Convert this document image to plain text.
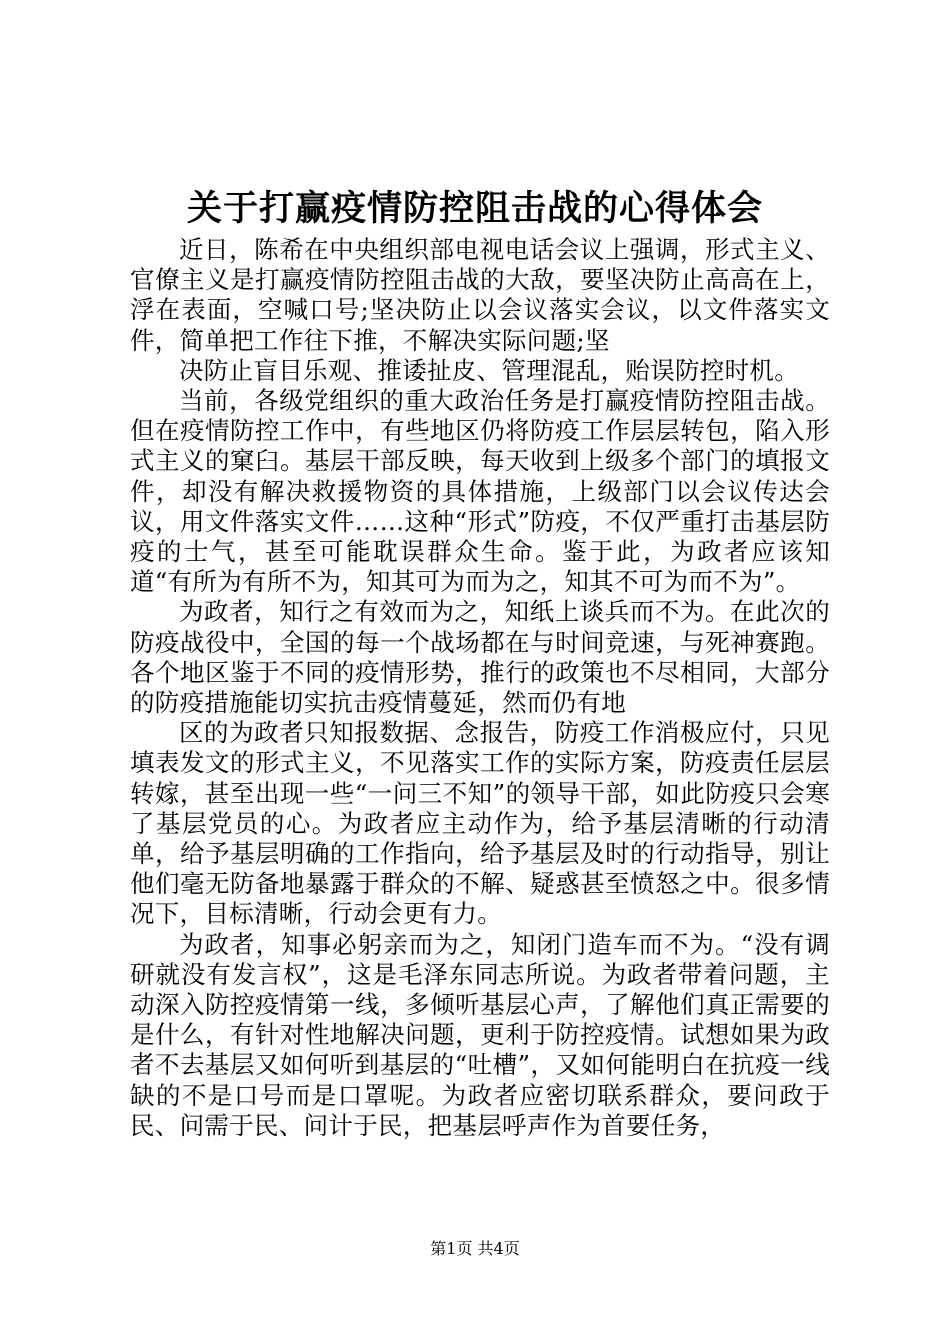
关于打赢疫情防控阻击战的心得体会

近日，陈希在中央组织部电视电话会议上强调，形式主义、官僚主义是打赢疫情防控阻击战的大敌，要坚决防止高高在上，浮在表面，空喊口号;坚决防止以会议落实会议，以文件落实文件，简单把工作往下推，不解决实际问题;坚

决防止盲目乐观、推诿扯皮、管理混乱，贻误防控时机。

当前，各级党组织的重大政治任务是打赢疫情防控阻击战。但在疫情防控工作中，有些地区仍将防疫工作层层转包，陷入形式主义的窠臼。基层干部反映，每天收到上级多个部门的填报文件，却没有解决救援物资的具体措施，上级部门以会议传达会议，用文件落实文件……这种“形式”防疫，不仅严重打击基层防疫的士气，甚至可能耽误群众生命。鉴于此，为政者应该知道“有所为有所不为，知其可为而为之，知其不可为而不为”。

为政者，知行之有效而为之，知纸上谈兵而不为。在此次的防疫战役中，全国的每一个战场都在与时间竞速，与死神赛跑。各个地区鉴于不同的疫情形势，推行的政策也不尽相同，大部分的防疫措施能切实抗击疫情蔓延，然而仍有地

区的为政者只知报数据、念报告，防疫工作消极应付，只见填表发文的形式主义，不见落实工作的实际方案，防疫责任层层转嫁，甚至出现一些“一问三不知”的领导干部，如此防疫只会寒了基层党员的心。为政者应主动作为，给予基层清晰的行动清单，给予基层明确的工作指向，给予基层及时的行动指导，别让他们毫无防备地暴露于群众的不解、疑惑甚至愤怒之中。很多情况下，目标清晰，行动会更有力。

为政者，知事必躬亲而为之，知闭门造车而不为。“没有调研就没有发言权”，这是毛泽东同志所说。为政者带着问题，主动深入防控疫情第一线，多倾听基层心声，了解他们真正需要的是什么，有针对性地解决问题，更利于防控疫情。试想如果为政者不去基层又如何听到基层的“吐槽”，又如何能明白在抗疫一线缺的不是口号而是口罩呢。为政者应密切联系群众，要问政于民、问需于民、问计于民，把基层呼声作为首要任务，

第1页 共4页
